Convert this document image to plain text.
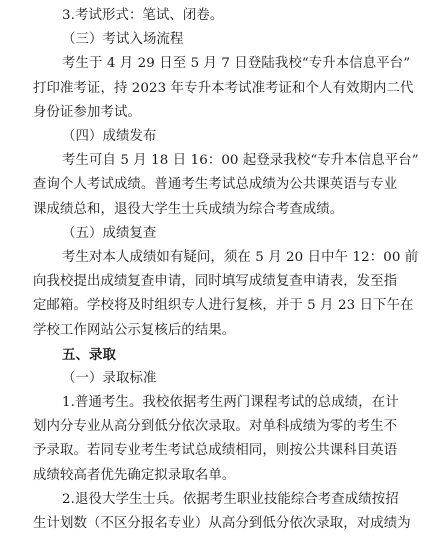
3.考试形式：笔试、闭卷。
（三）考试入场流程
考生于 4 月 29 日至 5 月 7 日登陆我校“专升本信息平台”
打印准考证，持 2023 年专升本考试准考证和个人有效期内二代
身份证参加考试。
（四）成绩发布
考生可自 5 月 18 日 16：00 起登录我校“专升本信息平台”
查询个人考试成绩。普通考生考试总成绩为公共课英语与专业
课成绩总和，退役大学生士兵成绩为综合考查成绩。
（五）成绩复查
考生对本人成绩如有疑问，须在 5 月 20 日中午 12：00 前
向我校提出成绩复查申请，同时填写成绩复查申请表，发至指
定邮箱。学校将及时组织专人进行复核，并于 5 月 23 日下午在
学校工作网站公示复核后的结果。
五、录取
（一）录取标准
1.普通考生。我校依据考生两门课程考试的总成绩，在计
划内分专业从高分到低分依次录取。对单科成绩为零的考生不
予录取。若同专业考生考试总成绩相同，则按公共课科目英语
成绩较高者优先确定拟录取名单。
2.退役大学生士兵。依据考生职业技能综合考查成绩按招
生计划数（不区分报名专业）从高分到低分依次录取，对成绩为
